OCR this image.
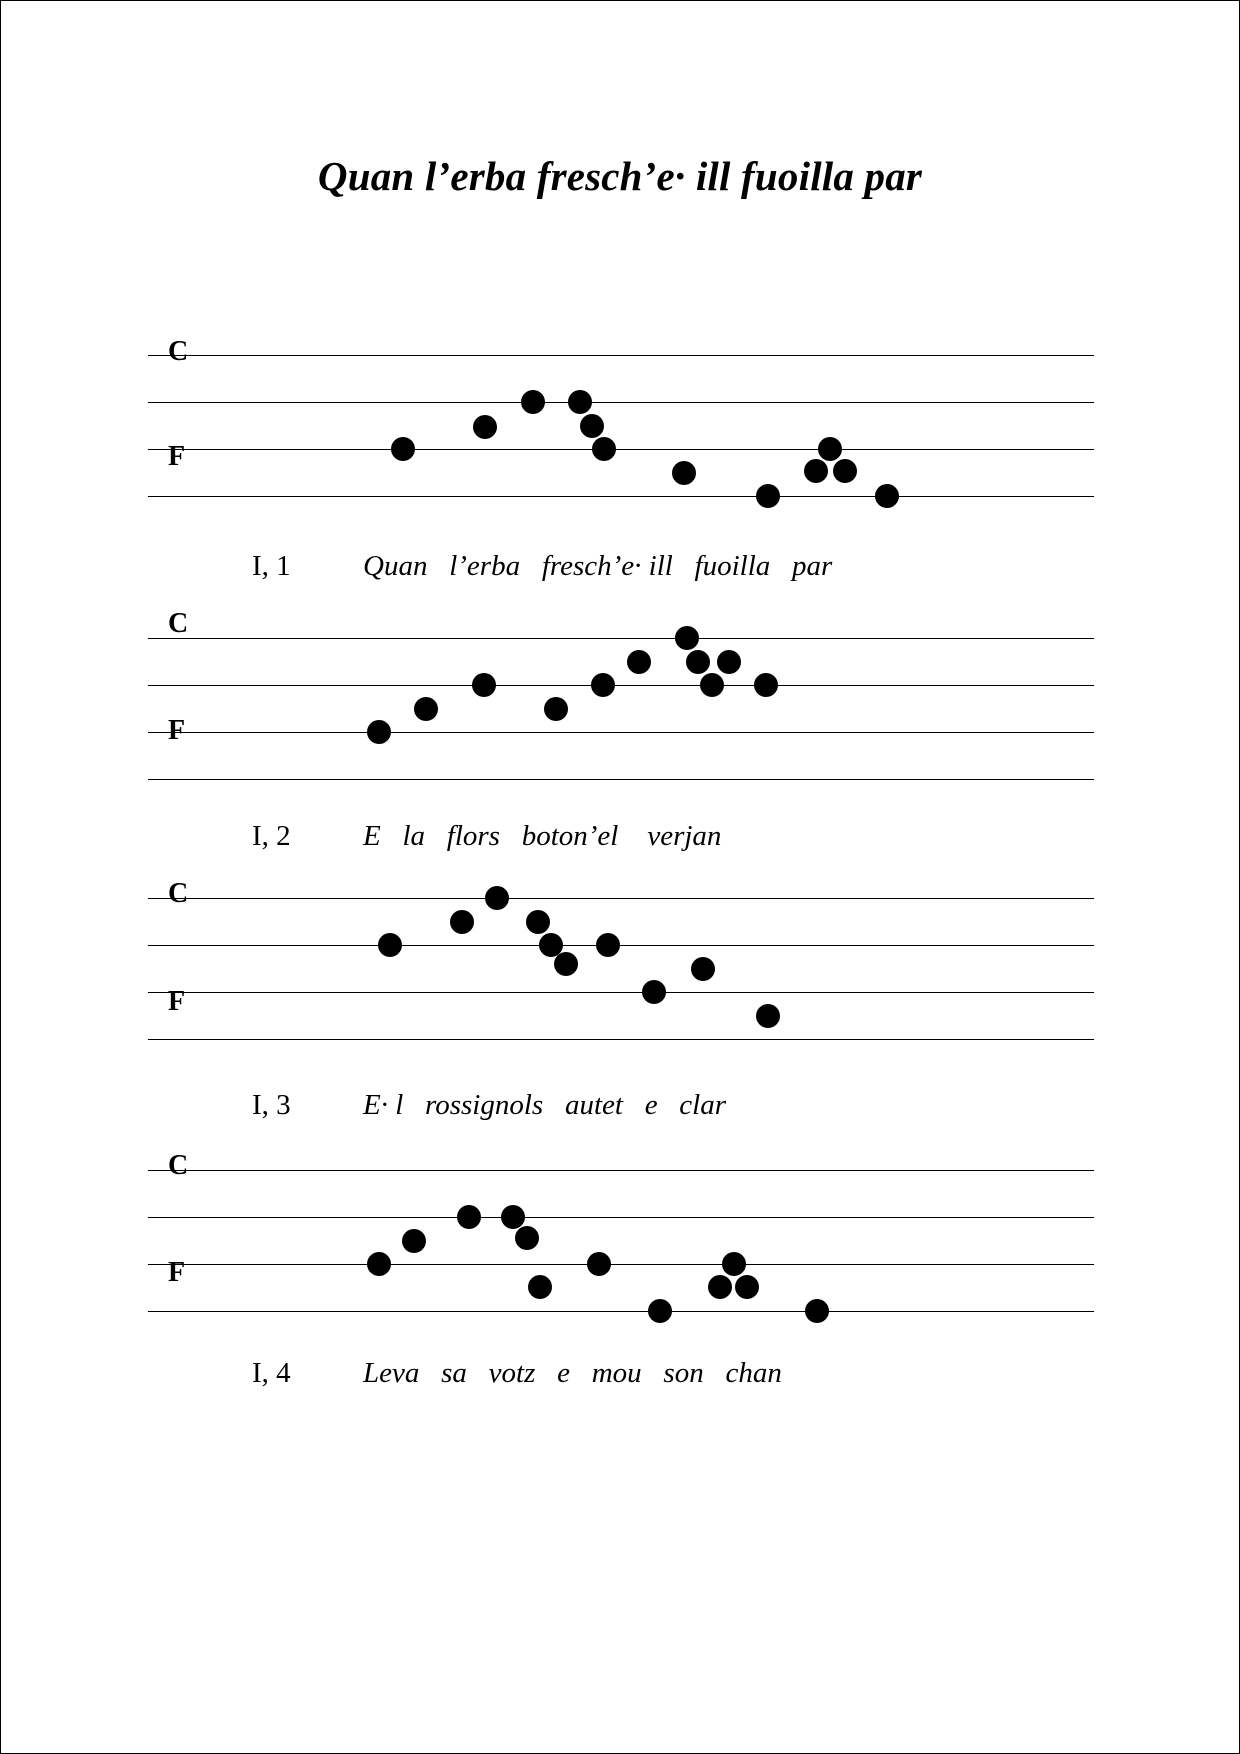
Quan l’erba fresch’e· ill fuoilla par
C
F
I, 1 Quan   l’erba   fresch’e· ill   fuoilla   par
C
F
I, 2 E   la   flors   boton’el    verjan
C
F
I, 3 E· l   rossignols   autet   e   clar
C
F
I, 4 Leva   sa   votz   e   mou   son   chan
